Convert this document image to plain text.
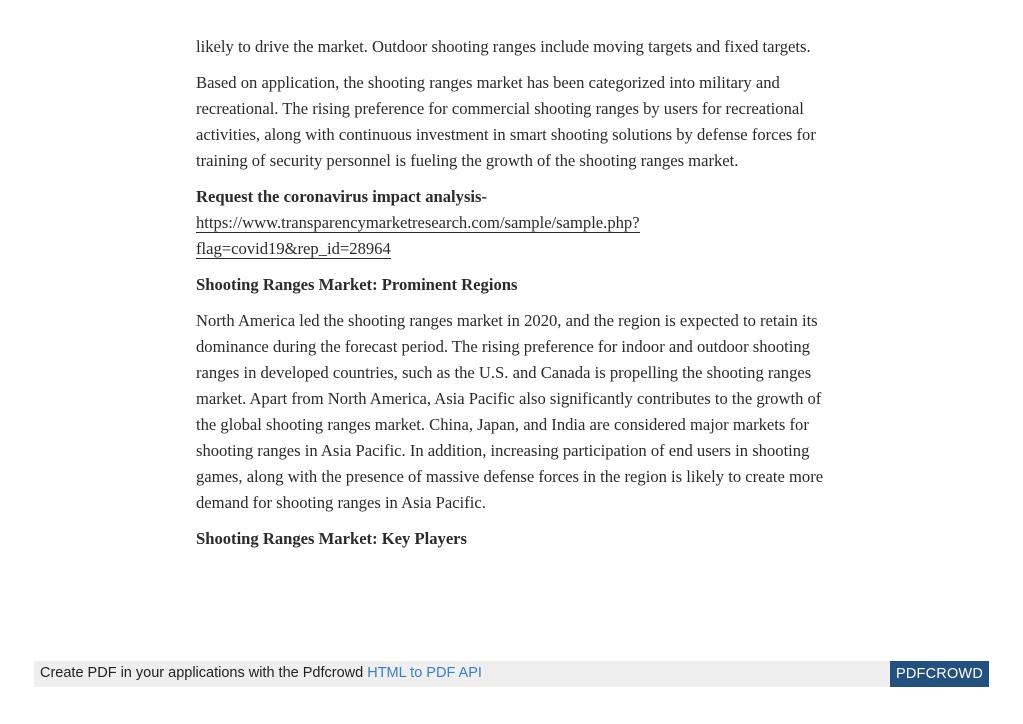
likely to drive the market. Outdoor shooting ranges include moving targets and fixed targets.

Based on application, the shooting ranges market has been categorized into military and recreational. The rising preference for commercial shooting ranges by users for recreational activities, along with continuous investment in smart shooting solutions by defense forces for training of security personnel is fueling the growth of the shooting ranges market.

Request the coronavirus impact analysis-
https://www.transparencymarketresearch.com/sample/sample.php?
flag=covid19&rep_id=28964

Shooting Ranges Market: Prominent Regions

North America led the shooting ranges market in 2020, and the region is expected to retain its dominance during the forecast period. The rising preference for indoor and outdoor shooting ranges in developed countries, such as the U.S. and Canada is propelling the shooting ranges market. Apart from North America, Asia Pacific also significantly contributes to the growth of the global shooting ranges market. China, Japan, and India are considered major markets for shooting ranges in Asia Pacific. In addition, increasing participation of end users in shooting games, along with the presence of massive defense forces in the region is likely to create more demand for shooting ranges in Asia Pacific.

Shooting Ranges Market: Key Players

Create PDF in your applications with the Pdfcrowd HTML to PDF API	PDFCROWD
